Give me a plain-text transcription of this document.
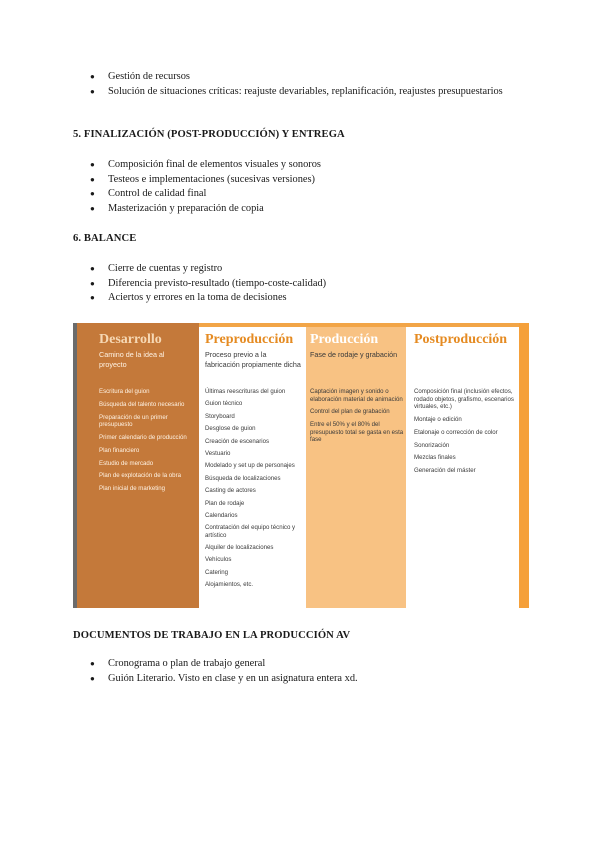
● Gestión de recursos
● Solución de situaciones críticas: reajuste devariables, replanificación, reajustes presupuestarios
5. FINALIZACIÓN (POST-PRODUCCIÓN) Y ENTREGA
● Composición final de elementos visuales y sonoros
● Testeos e implementaciones (sucesivas versiones)
● Control de calidad final
● Masterización y preparación de copia
6. BALANCE
● Cierre de cuentas y registro
● Diferencia previsto-resultado (tiempo-coste-calidad)
● Aciertos y errores en la toma de decisiones
Desarrollo
Camino de la idea al proyecto
Escritura del guion
Búsqueda del talento necesario
Preparación de un primer presupuesto
Primer calendario de producción
Plan financiero
Estudio de mercado
Plan de explotación de la obra
Plan inicial de marketing
Preproducción
Proceso previo a la fabricación propiamente dicha
Últimas reescrituras del guion
Guion técnico
Storyboard
Desglose de guion
Creación de escenarios
Vestuario
Modelado y set up de personajes
Búsqueda de localizaciones
Casting de actores
Plan de rodaje
Calendarios
Contratación del equipo técnico y artístico
Alquiler de localizaciones
Vehículos
Catering
Alojamientos, etc.
Producción
Fase de rodaje y grabación
Captación imagen y sonido o elaboración material de animación
Control del plan de grabación
Entre el 50% y el 80% del presupuesto total se gasta en esta fase
Postproducción
Composición final (inclusión efectos, rodado objetos, grafismo, escenarios virtuales, etc.)
Montaje o edición
Etalonaje o corrección de color
Sonorización
Mezclas finales
Generación del máster
DOCUMENTOS DE TRABAJO EN LA PRODUCCIÓN AV
● Cronograma o plan de trabajo general
● Guión Literario. Visto en clase y en un asignatura entera xd.
